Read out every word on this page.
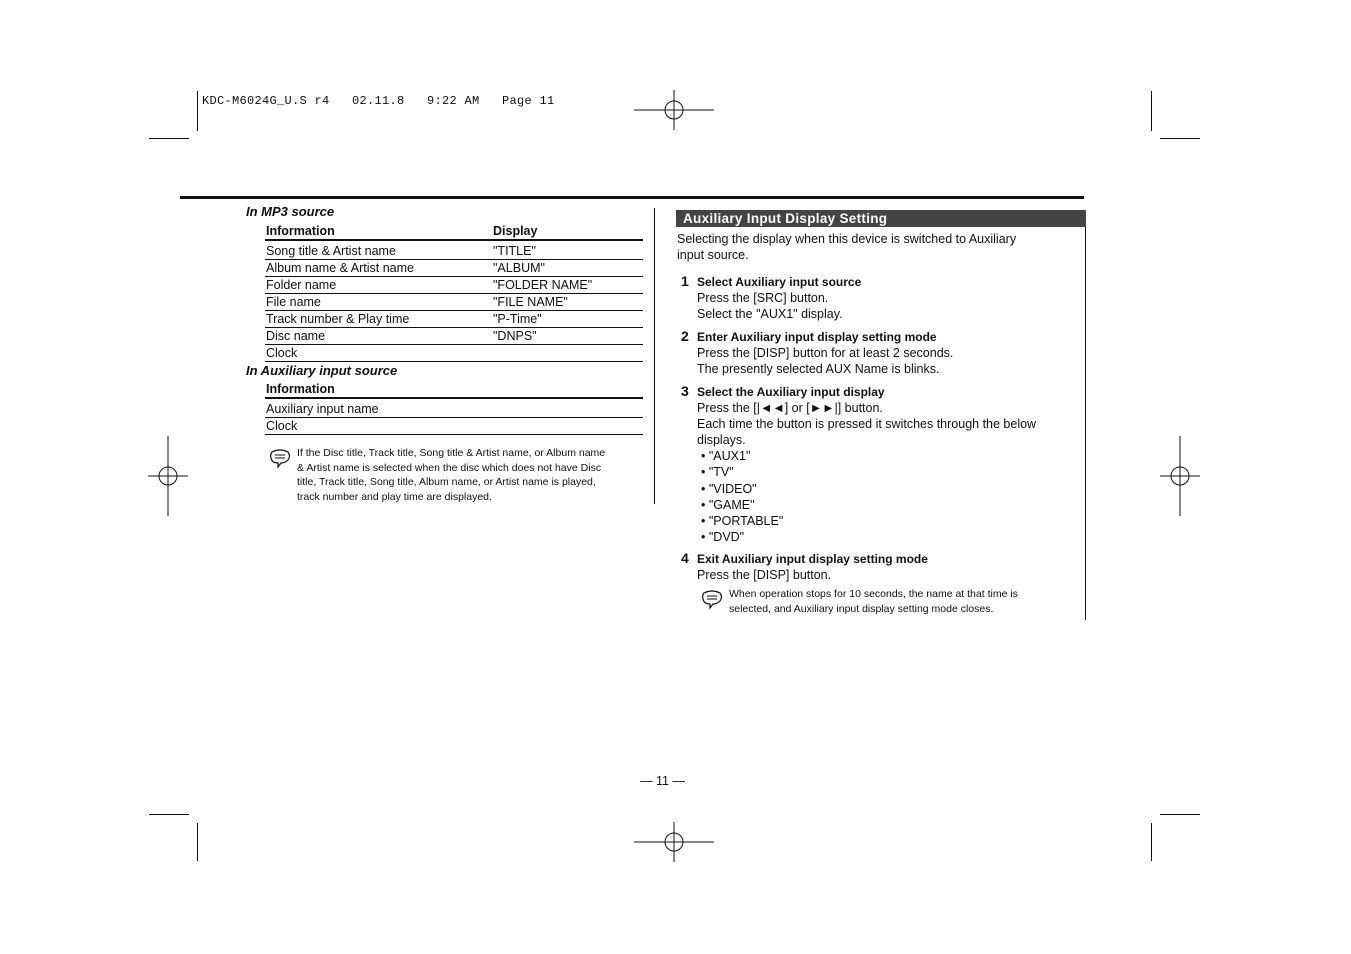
KDC-M6024G_U.S r4   02.11.8   9:22 AM   Page 11
In MP3 source
Information	Display
Song title & Artist name	"TITLE"
Album name & Artist name	"ALBUM"
Folder name	"FOLDER NAME"
File name	"FILE NAME"
Track number & Play time	"P-Time"
Disc name	"DNPS"
Clock
In Auxiliary input source
Information
Auxiliary input name
Clock
If the Disc title, Track title, Song title & Artist name, or Album name
& Artist name is selected when the disc which does not have Disc
title, Track title, Song title, Album name, or Artist name is played,
track number and play time are displayed.
Auxiliary Input Display Setting
Selecting the display when this device is switched to Auxiliary
input source.
1 Select Auxiliary input source
Press the [SRC] button.
Select the "AUX1" display.
2 Enter Auxiliary input display setting mode
Press the [DISP] button for at least 2 seconds.
The presently selected AUX Name is blinks.
3 Select the Auxiliary input display
Press the [|◄◄] or [►►|] button.
Each time the button is pressed it switches through the below
displays.
• "AUX1"
• "TV"
• "VIDEO"
• "GAME"
• "PORTABLE"
• "DVD"
4 Exit Auxiliary input display setting mode
Press the [DISP] button.
When operation stops for 10 seconds, the name at that time is
selected, and Auxiliary input display setting mode closes.
— 11 —
